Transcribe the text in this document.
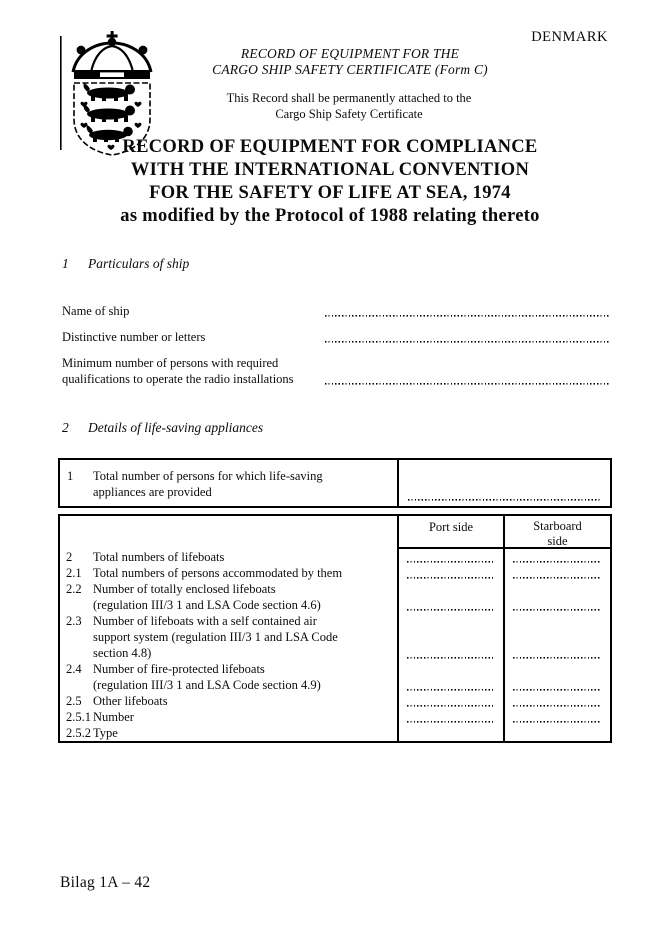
DENMARK
RECORD OF EQUIPMENT FOR THE
CARGO SHIP SAFETY CERTIFICATE (Form C)
This Record shall be permanently attached to the
Cargo Ship Safety Certificate
RECORD OF EQUIPMENT FOR COMPLIANCE
WITH THE INTERNATIONAL CONVENTION
FOR THE SAFETY OF LIFE AT SEA, 1974
as modified by the Protocol of 1988 relating thereto
1	Particulars of ship
Name of ship
Distinctive number or letters
Minimum number of persons with required
qualifications to operate the radio installations
2	Details of life-saving appliances
1	Total number of persons for which life-saving
appliances are provided
Port side	Starboard
side
2	Total numbers of lifeboats
2.1 Total numbers of persons accommodated by them
2.2 Number of totally enclosed lifeboats
(regulation III/3 1 and LSA Code section 4.6)
2.3 Number of lifeboats with a self contained air
support system (regulation III/3 1 and LSA Code
section 4.8)
2.4 Number of fire-protected lifeboats
(regulation III/3 1 and LSA Code section 4.9)
2.5 Other lifeboats
2.5.1 Number
2.5.2 Type
Bilag 1A – 42
